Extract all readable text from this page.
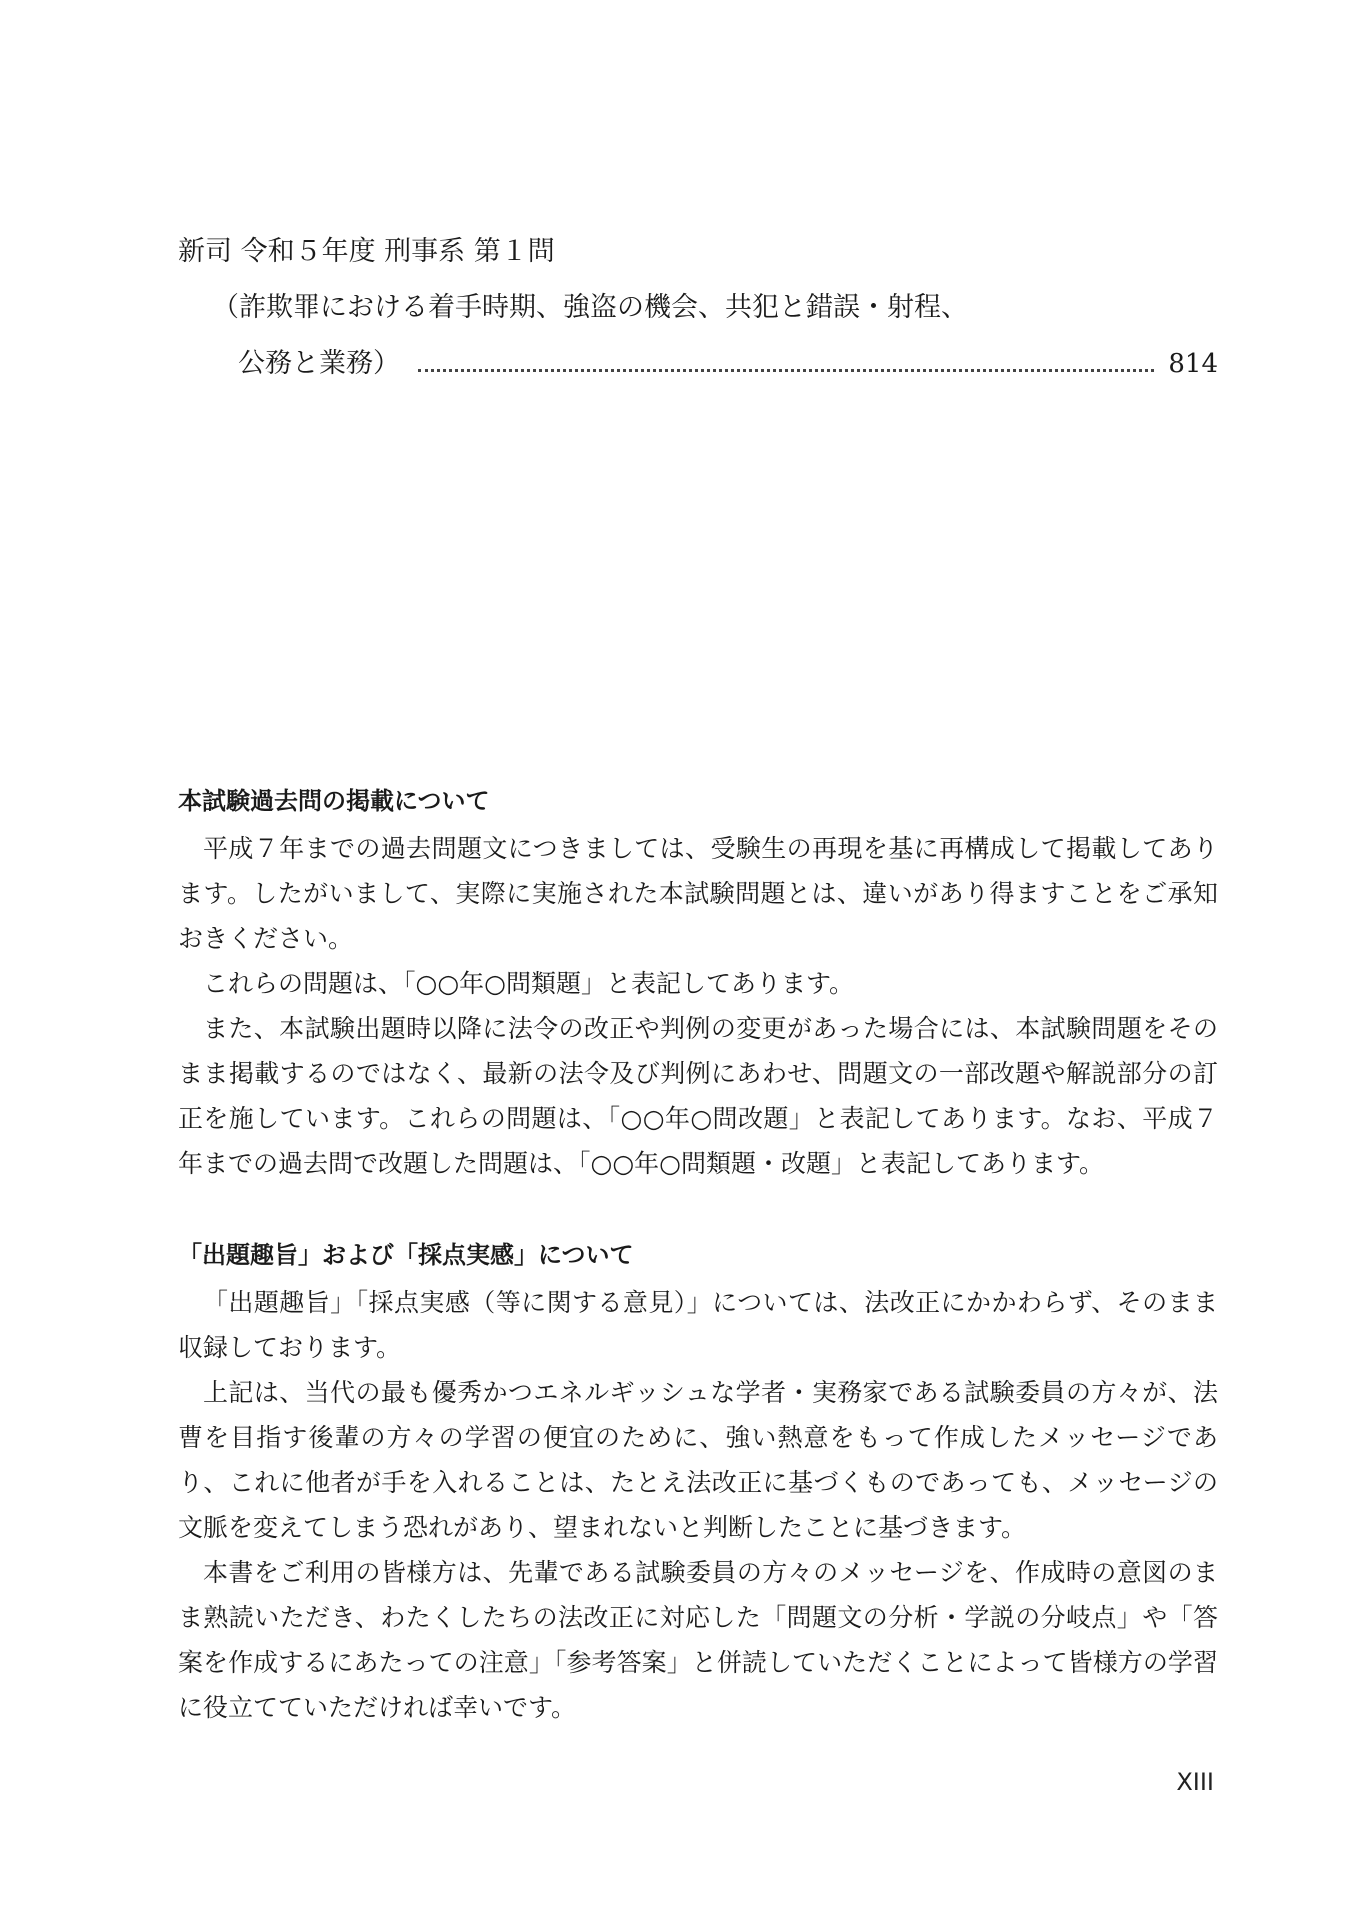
新司 令和５年度 刑事系 第１問
（詐欺罪における着手時期、強盗の機会、共犯と錯誤・射程、
公務と業務）	814
本試験過去問の掲載について

平成７年までの過去問題文につきましては、受験生の再現を基に再構成して掲載してあります。したがいまして、実際に実施された本試験問題とは、違いがあり得ますことをご承知おきください。

これらの問題は、「○○年○問類題」と表記してあります。

また、本試験出題時以降に法令の改正や判例の変更があった場合には、本試験問題をそのまま掲載するのではなく、最新の法令及び判例にあわせ、問題文の一部改題や解説部分の訂正を施しています。これらの問題は、「○○年○問改題」と表記してあります。なお、平成７年までの過去問で改題した問題は、「○○年○問類題・改題」と表記してあります。

「出題趣旨」および「採点実感」について

「出題趣旨」「採点実感（等に関する意見）」については、法改正にかかわらず、そのまま収録しております。

上記は、当代の最も優秀かつエネルギッシュな学者・実務家である試験委員の方々が、法曹を目指す後輩の方々の学習の便宜のために、強い熱意をもって作成したメッセージであり、これに他者が手を入れることは、たとえ法改正に基づくものであっても、メッセージの文脈を変えてしまう恐れがあり、望まれないと判断したことに基づきます。

本書をご利用の皆様方は、先輩である試験委員の方々のメッセージを、作成時の意図のまま熟読いただき、わたくしたちの法改正に対応した「問題文の分析・学説の分岐点」や「答案を作成するにあたっての注意」「参考答案」と併読していただくことによって皆様方の学習に役立てていただければ幸いです。

XIII
